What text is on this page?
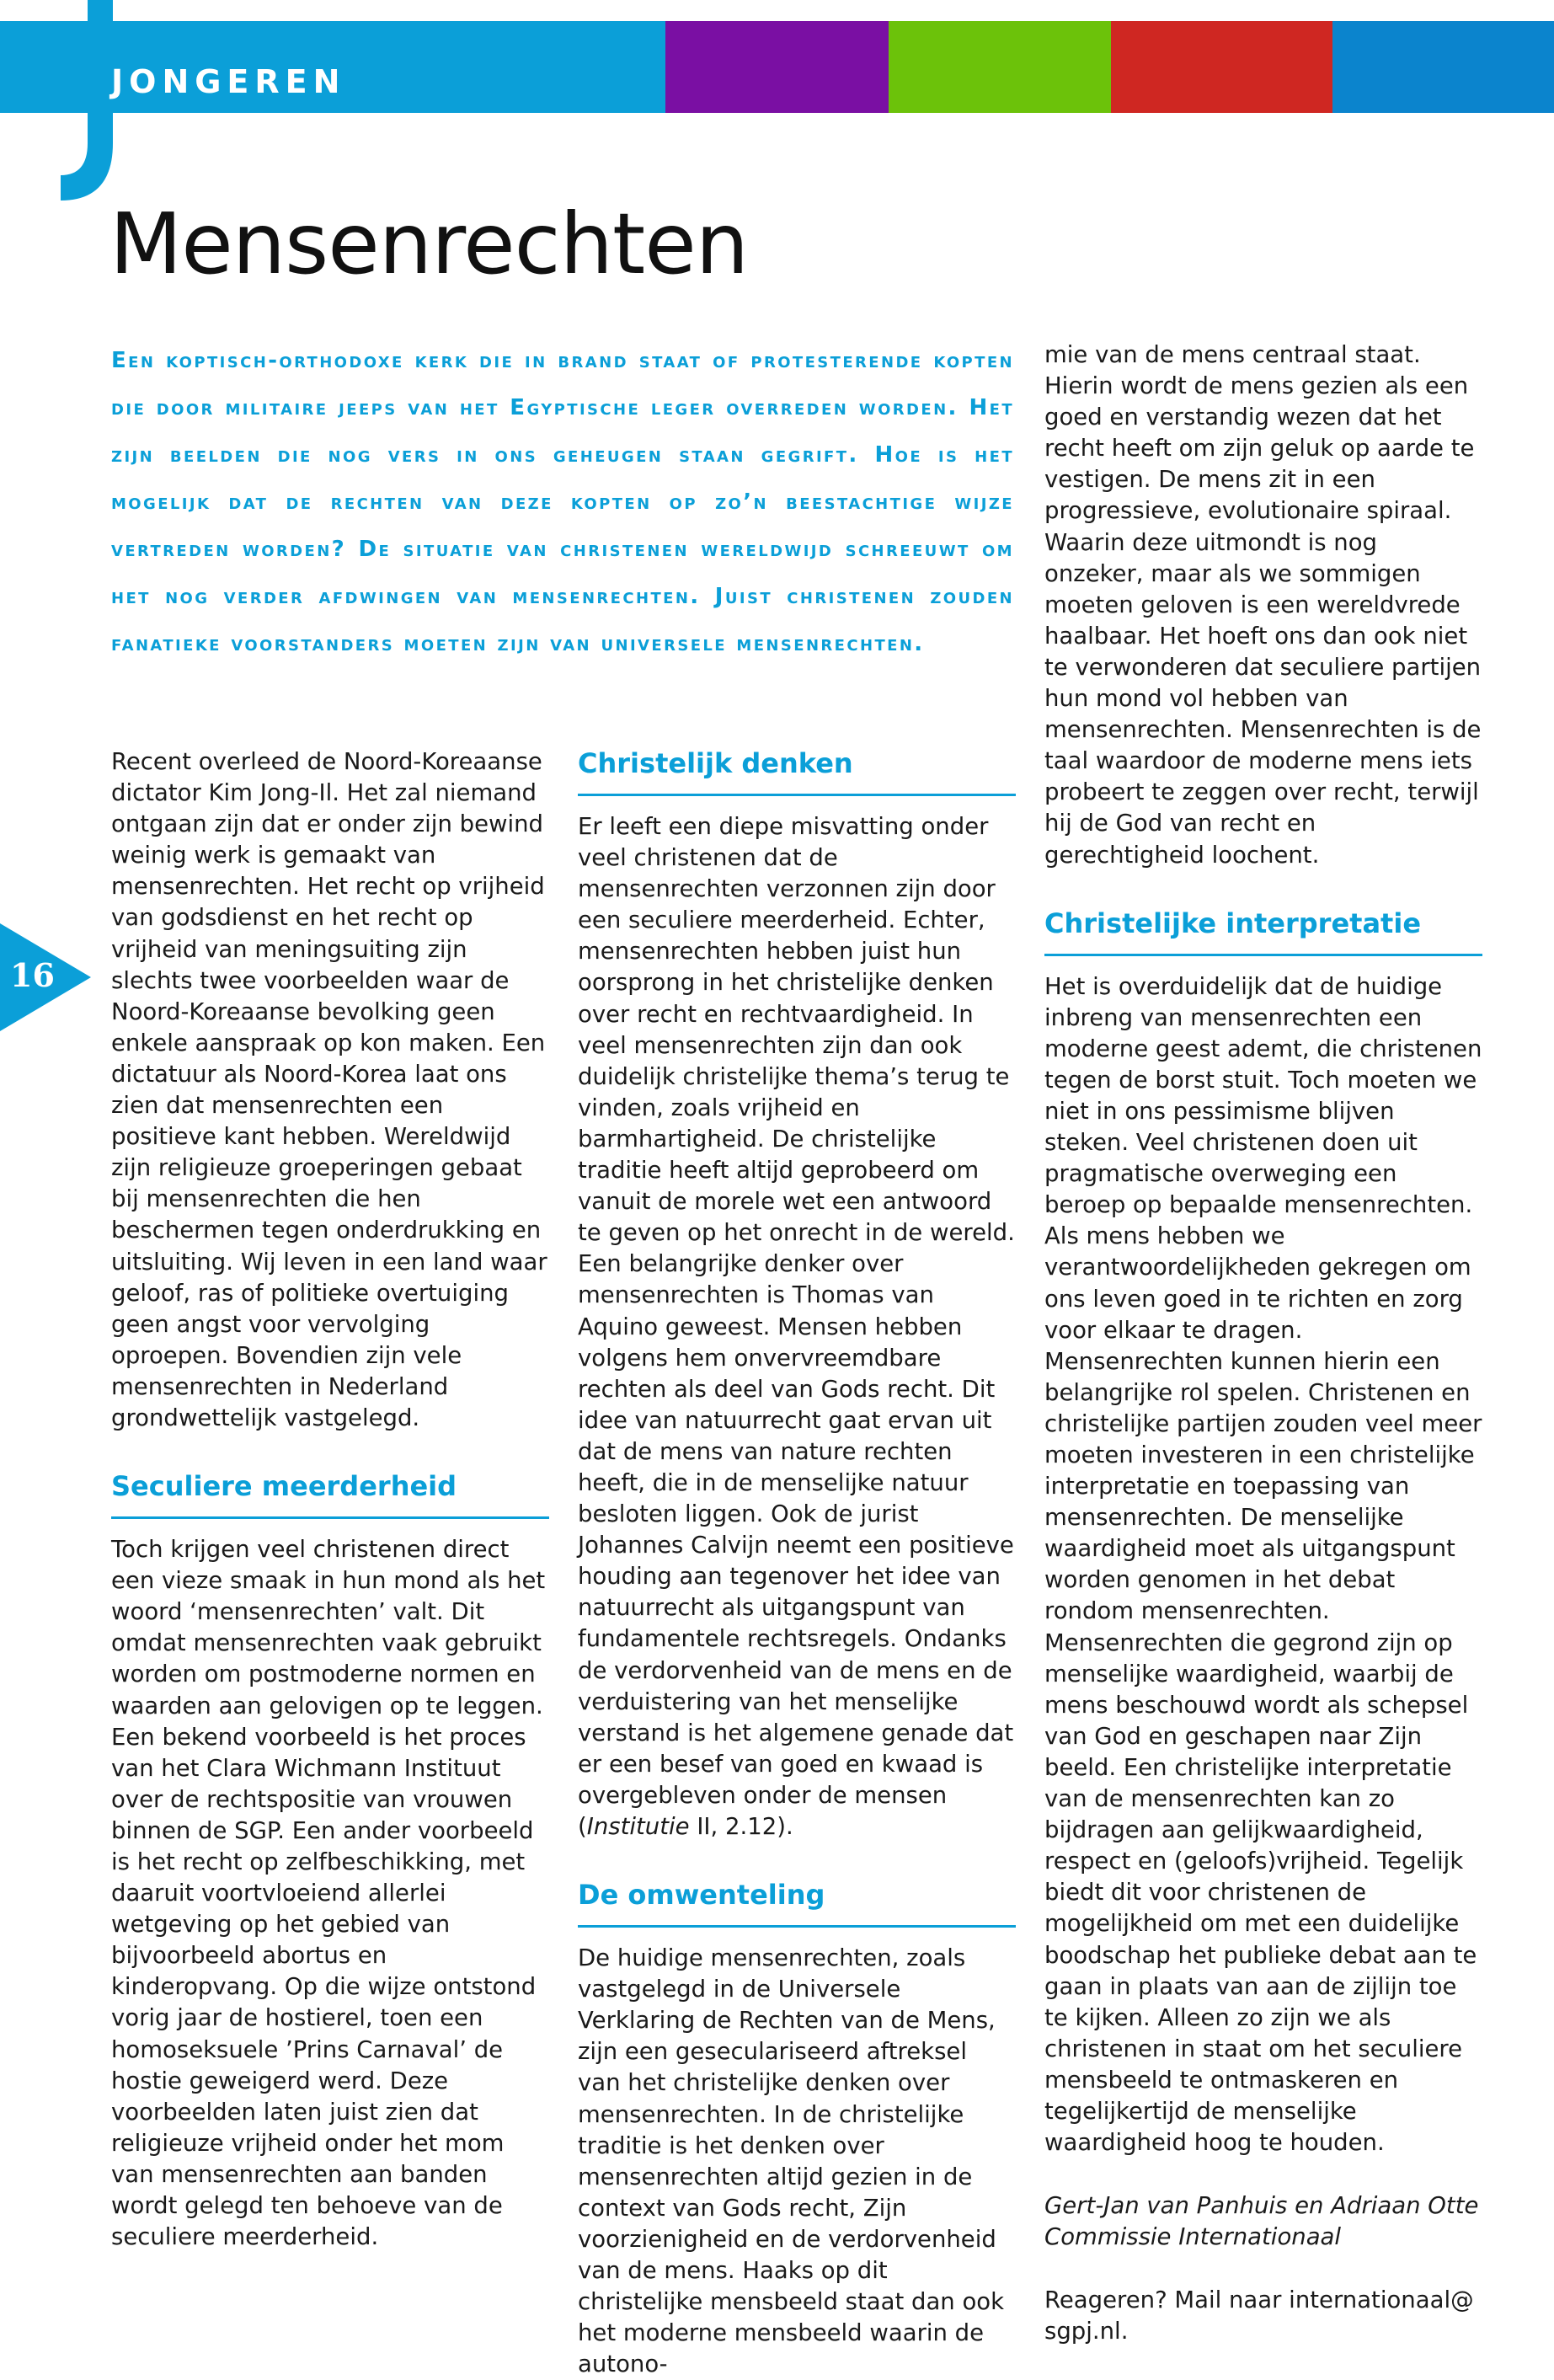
JONGEREN
Mensenrechten
Een koptisch-orthodoxe kerk die in brand staat of protesterende kopten die door militaire jeeps van het Egyptische leger overreden worden. Het zijn beelden die nog vers in ons geheugen staan gegrift. Hoe is het mogelijk dat de rechten van deze kopten op zo’n beestachtige wijze vertreden worden? De situatie van christenen wereldwijd schreeuwt om het nog verder afdwingen van mensenrechten. Juist christenen zouden fanatieke voorstanders moeten zijn van universele mensenrechten.

Recent overleed de Noord-Koreaanse dictator Kim Jong-Il. Het zal niemand ontgaan zijn dat er onder zijn bewind weinig werk is gemaakt van mensenrechten. Het recht op vrijheid van godsdienst en het recht op vrijheid van meningsuiting zijn slechts twee voorbeelden waar de Noord-Koreaanse bevolking geen enkele aanspraak op kon maken. Een dictatuur als Noord-Korea laat ons zien dat mensenrechten een positieve kant hebben. Wereldwijd zijn religieuze groeperingen gebaat bij mensenrechten die hen beschermen tegen onderdrukking en uitsluiting. Wij leven in een land waar geloof, ras of politieke overtuiging geen angst voor vervolging oproepen. Bovendien zijn vele mensenrechten in Nederland grondwettelijk vastgelegd.

Seculiere meerderheid

Toch krijgen veel christenen direct een vieze smaak in hun mond als het woord ‘mensenrechten’ valt. Dit omdat mensenrechten vaak gebruikt worden om postmoderne normen en waarden aan gelovigen op te leggen. Een bekend voorbeeld is het proces van het Clara Wichmann Instituut over de rechtspositie van vrouwen binnen de SGP. Een ander voorbeeld is het recht op zelfbeschikking, met daaruit voortvloeiend allerlei wetgeving op het gebied van bijvoorbeeld abortus en kinderopvang. Op die wijze ontstond vorig jaar de hostierel, toen een homoseksuele ’Prins Carnaval’ de hostie geweigerd werd. Deze voorbeelden laten juist zien dat religieuze vrijheid onder het mom van mensenrechten aan banden wordt gelegd ten behoeve van de seculiere meerderheid.

Christelijk denken

Er leeft een diepe misvatting onder veel christenen dat de mensenrechten verzonnen zijn door een seculiere meerderheid. Echter, mensenrechten hebben juist hun oorsprong in het christelijke denken over recht en rechtvaardigheid. In veel mensenrechten zijn dan ook duidelijk christelijke thema’s terug te vinden, zoals vrijheid en barmhartigheid. De christelijke traditie heeft altijd geprobeerd om vanuit de morele wet een antwoord te geven op het onrecht in de wereld. Een belangrijke denker over mensenrechten is Thomas van Aquino geweest. Mensen hebben volgens hem onvervreemdbare rechten als deel van Gods recht. Dit idee van natuurrecht gaat ervan uit dat de mens van nature rechten heeft, die in de menselijke natuur besloten liggen. Ook de jurist Johannes Calvijn neemt een positieve houding aan tegenover het idee van natuurrecht als uitgangspunt van fundamentele rechtsregels. Ondanks de verdorvenheid van de mens en de verduistering van het menselijke verstand is het algemene genade dat er een besef van goed en kwaad is overgebleven onder de mensen (Institutie II, 2.12).

De omwenteling

De huidige mensenrechten, zoals vastgelegd in de Universele Verklaring de Rechten van de Mens, zijn een geseculariseerd aftreksel van het christelijke denken over mensenrechten. In de christelijke traditie is het denken over mensenrechten altijd gezien in de context van Gods recht, Zijn voorzienigheid en de verdorvenheid van de mens. Haaks op dit christelijke mensbeeld staat dan ook het moderne mensbeeld waarin de autono-

mie van de mens centraal staat. Hierin wordt de mens gezien als een goed en verstandig wezen dat het recht heeft om zijn geluk op aarde te vestigen. De mens zit in een progressieve, evolutionaire spiraal. Waarin deze uitmondt is nog onzeker, maar als we sommigen moeten geloven is een wereldvrede haalbaar. Het hoeft ons dan ook niet te verwonderen dat seculiere partijen hun mond vol hebben van mensenrechten. Mensenrechten is de taal waardoor de moderne mens iets probeert te zeggen over recht, terwijl hij de God van recht en gerechtigheid loochent.

Christelijke interpretatie

Het is overduidelijk dat de huidige inbreng van mensenrechten een moderne geest ademt, die christenen tegen de borst stuit. Toch moeten we niet in ons pessimisme blijven steken. Veel christenen doen uit pragmatische overweging een beroep op bepaalde mensenrechten. Als mens hebben we verantwoordelijkheden gekregen om ons leven goed in te richten en zorg voor elkaar te dragen. Mensenrechten kunnen hierin een belangrijke rol spelen. Christenen en christelijke partijen zouden veel meer moeten investeren in een christelijke interpretatie en toepassing van mensenrechten. De menselijke waardigheid moet als uitgangspunt worden genomen in het debat rondom mensenrechten. Mensenrechten die gegrond zijn op menselijke waardigheid, waarbij de mens beschouwd wordt als schepsel van God en geschapen naar Zijn beeld. Een christelijke interpretatie van de mensenrechten kan zo bijdragen aan gelijkwaardigheid, respect en (geloofs)vrijheid. Tegelijk biedt dit voor christenen de mogelijkheid om met een duidelijke boodschap het publieke debat aan te gaan in plaats van aan de zijlijn toe te kijken. Alleen zo zijn we als christenen in staat om het seculiere mensbeeld te ontmaskeren en tegelijkertijd de menselijke waardigheid hoog te houden.

Gert-Jan van Panhuis en Adriaan Otte

Commissie Internationaal

Reageren? Mail naar internationaal@

sgpj.nl.

16
